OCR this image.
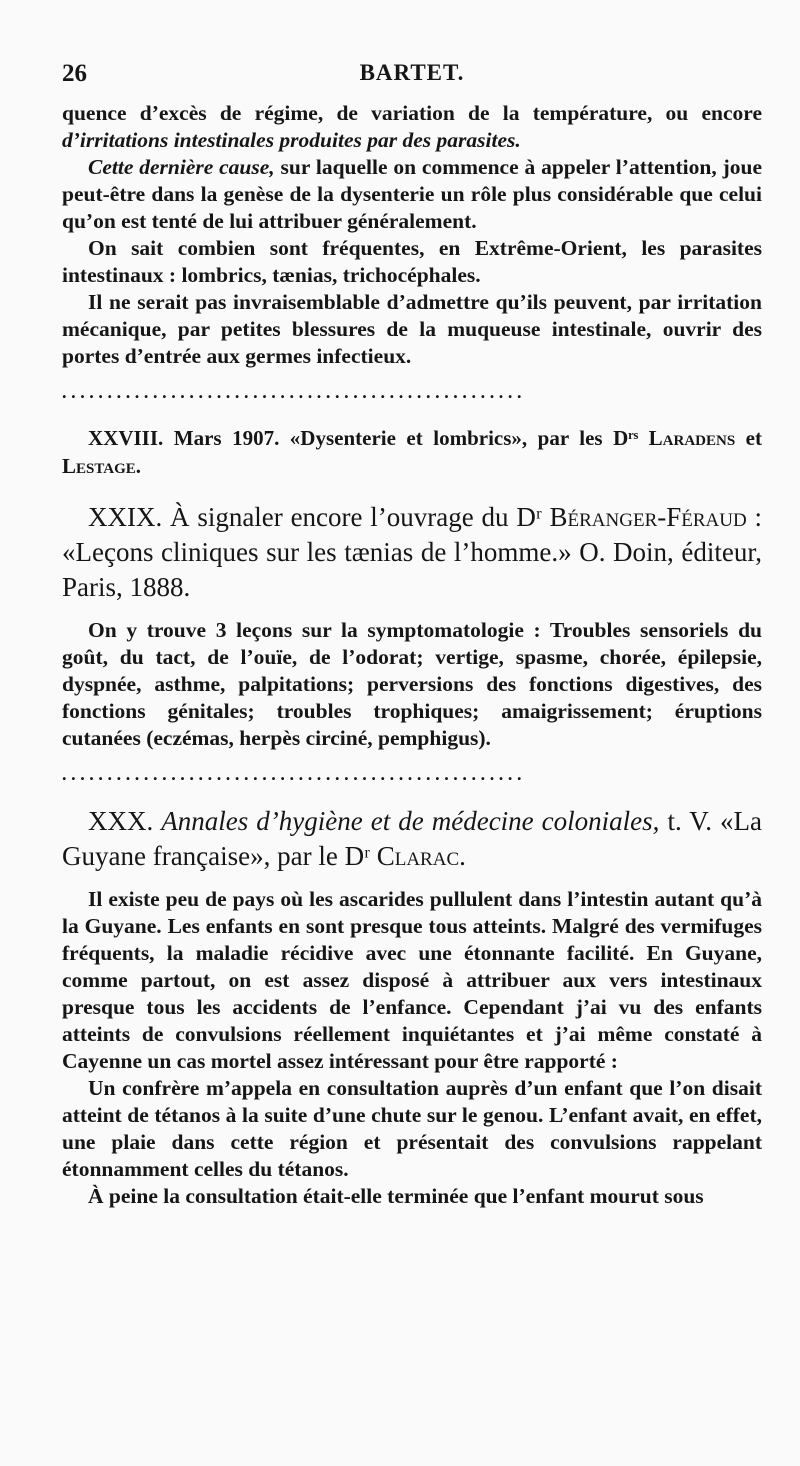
26	BARTET.

quence d’excès de régime, de variation de la température, ou encore d’irritations intestinales produites par des parasites.

Cette dernière cause, sur laquelle on commence à appeler l’attention, joue peut-être dans la genèse de la dysenterie un rôle plus considérable que celui qu’on est tenté de lui attribuer généralement.

On sait combien sont fréquentes, en Extrême-Orient, les parasites intestinaux : lombrics, tænias, trichocéphales.

Il ne serait pas invraisemblable d’admettre qu’ils peuvent, par irritation mécanique, par petites blessures de la muqueuse intestinale, ouvrir des portes d’entrée aux germes infectieux.

...................................................

XXVIII. Mars 1907. «Dysenterie et lombrics», par les Dʳˢ Laradens et Lestage.

XXIX. À signaler encore l’ouvrage du Dʳ Béranger-Féraud : «Leçons cliniques sur les tænias de l’homme.» O. Doin, éditeur, Paris, 1888.

On y trouve 3 leçons sur la symptomatologie : Troubles sensoriels du goût, du tact, de l’ouïe, de l’odorat; vertige, spasme, chorée, épilepsie, dyspnée, asthme, palpitations; perversions des fonctions digestives, des fonctions génitales; troubles trophiques; amaigrissement; éruptions cutanées (eczémas, herpès circiné, pemphigus).

...................................................

XXX. Annales d’hygiène et de médecine coloniales, t. V. «La Guyane française», par le Dʳ Clarac.

Il existe peu de pays où les ascarides pullulent dans l’intestin autant qu’à la Guyane. Les enfants en sont presque tous atteints. Malgré des vermifuges fréquents, la maladie récidive avec une étonnante facilité. En Guyane, comme partout, on est assez disposé à attribuer aux vers intestinaux presque tous les accidents de l’enfance. Cependant j’ai vu des enfants atteints de convulsions réellement inquiétantes et j’ai même constaté à Cayenne un cas mortel assez intéressant pour être rapporté :

Un confrère m’appela en consultation auprès d’un enfant que l’on disait atteint de tétanos à la suite d’une chute sur le genou. L’enfant avait, en effet, une plaie dans cette région et présentait des convulsions rappelant étonnamment celles du tétanos.

À peine la consultation était-elle terminée que l’enfant mourut sous
